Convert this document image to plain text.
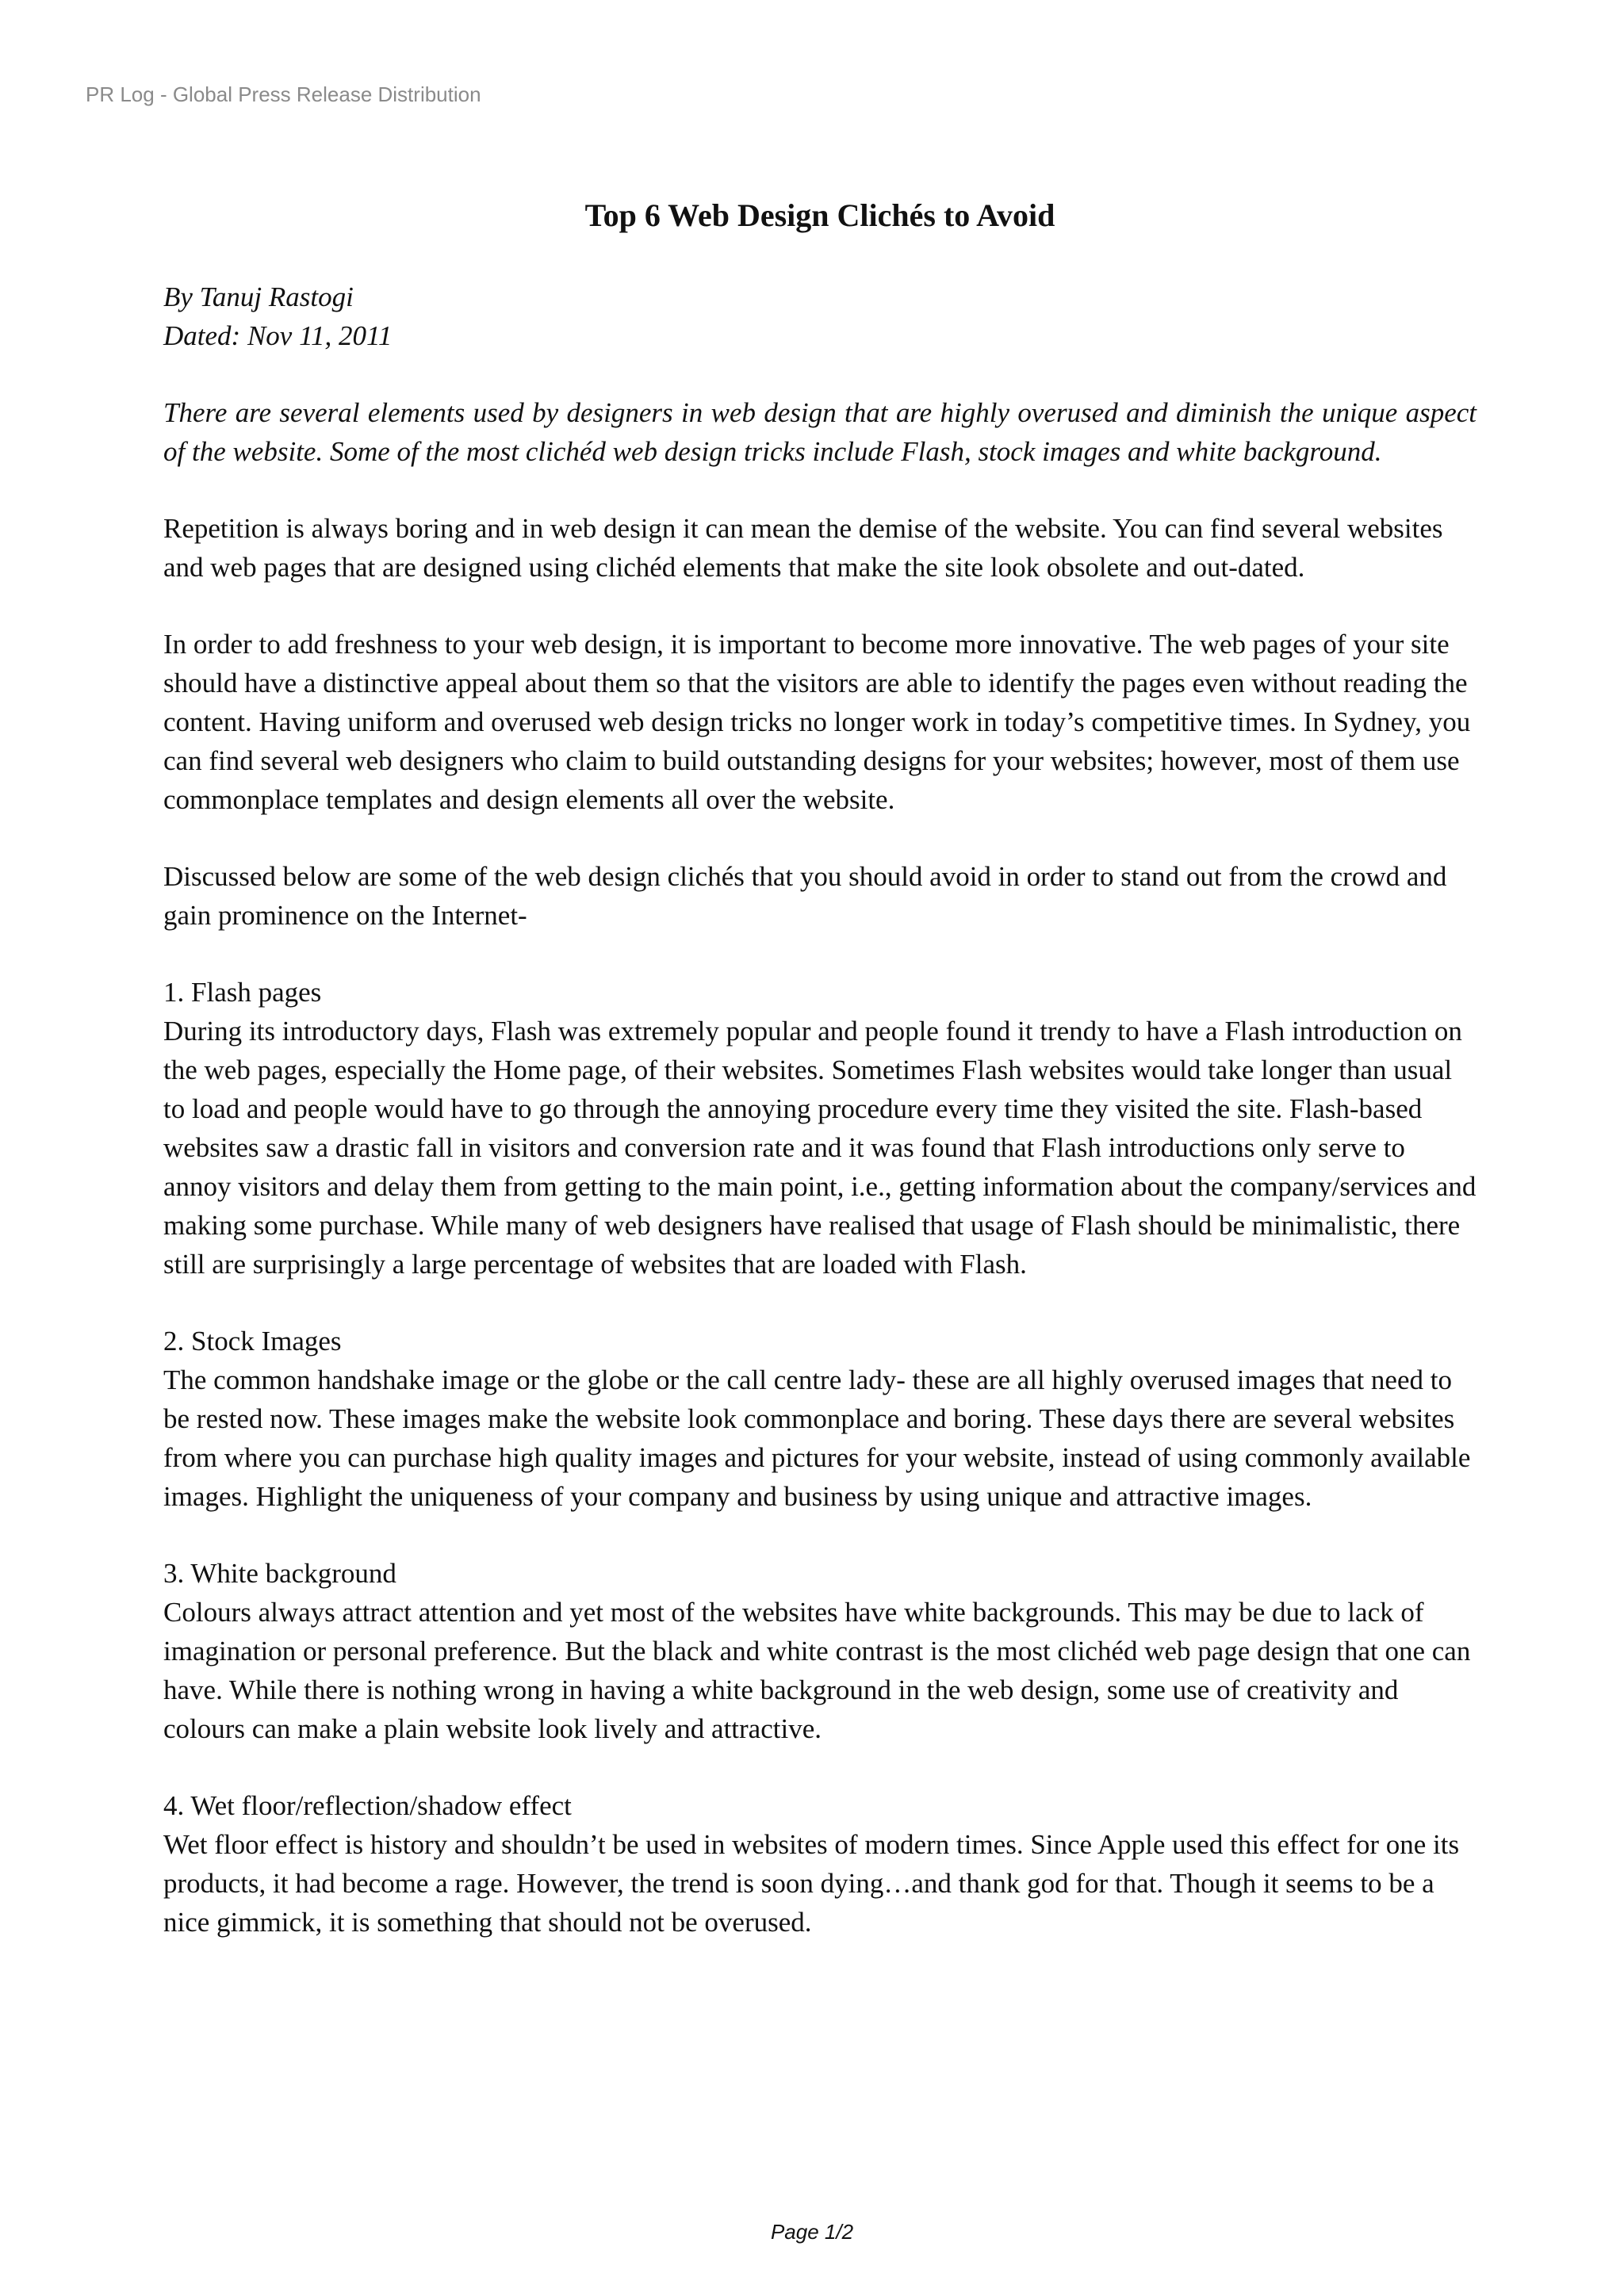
PR Log - Global Press Release Distribution

Top 6 Web Design Clichés to Avoid

By Tanuj Rastogi

Dated: Nov 11, 2011

There are several elements used by designers in web design that are highly overused and diminish the unique aspect of the website. Some of the most clichéd web design tricks include Flash, stock images and white background.

Repetition is always boring and in web design it can mean the demise of the website. You can find several websites and web pages that are designed using clichéd elements that make the site look obsolete and out-dated.

In order to add freshness to your web design, it is important to become more innovative. The web pages of your site should have a distinctive appeal about them so that the visitors are able to identify the pages even without reading the content. Having uniform and overused web design tricks no longer work in today’s competitive times. In Sydney, you can find several web designers who claim to build outstanding designs for your websites; however, most of them use commonplace templates and design elements all over the website.

Discussed below are some of the web design clichés that you should avoid in order to stand out from the crowd and gain prominence on the Internet-

1. Flash pages

During its introductory days, Flash was extremely popular and people found it trendy to have a Flash introduction on the web pages, especially the Home page, of their websites. Sometimes Flash websites would take longer than usual to load and people would have to go through the annoying procedure every time they visited the site. Flash-based websites saw a drastic fall in visitors and conversion rate and it was found that Flash introductions only serve to annoy visitors and delay them from getting to the main point, i.e., getting information about the company/services and making some purchase. While many of web designers have realised that usage of Flash should be minimalistic, there still are surprisingly a large percentage of websites that are loaded with Flash.

2. Stock Images

The common handshake image or the globe or the call centre lady- these are all highly overused images that need to be rested now. These images make the website look commonplace and boring. These days there are several websites from where you can purchase high quality images and pictures for your website, instead of using commonly available images. Highlight the uniqueness of your company and business by using unique and attractive images.

3. White background

Colours always attract attention and yet most of the websites have white backgrounds. This may be due to lack of imagination or personal preference. But the black and white contrast is the most clichéd web page design that one can have. While there is nothing wrong in having a white background in the web design, some use of creativity and colours can make a plain website look lively and attractive.

4. Wet floor/reflection/shadow effect

Wet floor effect is history and shouldn’t be used in websites of modern times. Since Apple used this effect for one its products, it had become a rage. However, the trend is soon dying…and thank god for that. Though it seems to be a nice gimmick, it is something that should not be overused.

Page 1/2
